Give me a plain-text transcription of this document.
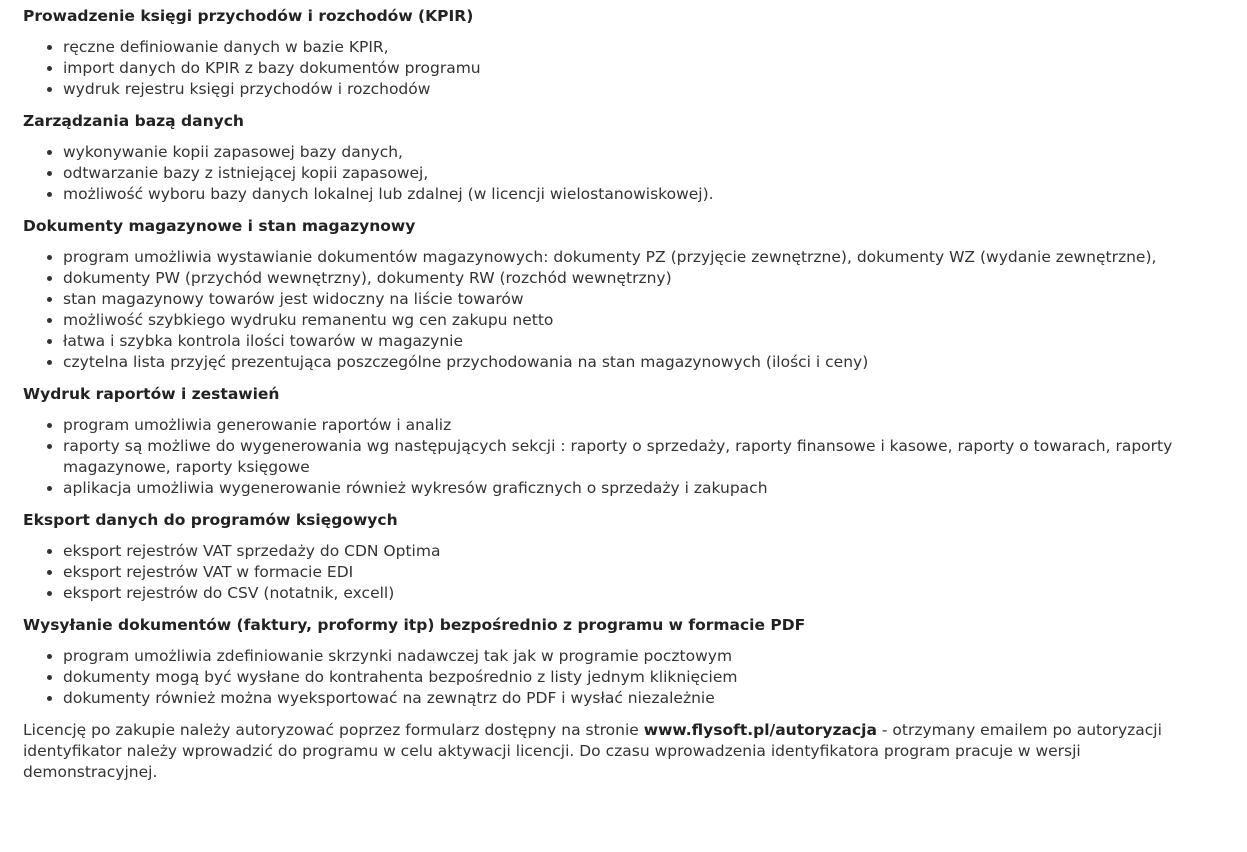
Prowadzenie księgi przychodów i rozchodów (KPIR)
• ręczne definiowanie danych w bazie KPIR,
• import danych do KPIR z bazy dokumentów programu
• wydruk rejestru księgi przychodów i rozchodów
Zarządzania bazą danych
• wykonywanie kopii zapasowej bazy danych,
• odtwarzanie bazy z istniejącej kopii zapasowej,
• możliwość wyboru bazy danych lokalnej lub zdalnej (w licencji wielostanowiskowej).
Dokumenty magazynowe i stan magazynowy
• program umożliwia wystawianie dokumentów magazynowych: dokumenty PZ (przyjęcie zewnętrzne), dokumenty WZ (wydanie zewnętrzne),
• dokumenty PW (przychód wewnętrzny), dokumenty RW (rozchód wewnętrzny)
• stan magazynowy towarów jest widoczny na liście towarów
• możliwość szybkiego wydruku remanentu wg cen zakupu netto
• łatwa i szybka kontrola ilości towarów w magazynie
• czytelna lista przyjęć prezentująca poszczególne przychodowania na stan magazynowych (ilości i ceny)
Wydruk raportów i zestawień
• program umożliwia generowanie raportów i analiz
• raporty są możliwe do wygenerowania wg następujących sekcji : raporty o sprzedaży, raporty finansowe i kasowe, raporty o towarach, raporty magazynowe, raporty księgowe
• aplikacja umożliwia wygenerowanie również wykresów graficznych o sprzedaży i zakupach
Eksport danych do programów księgowych
• eksport rejestrów VAT sprzedaży do CDN Optima
• eksport rejestrów VAT w formacie EDI
• eksport rejestrów do CSV (notatnik, excell)
Wysyłanie dokumentów (faktury, proformy itp) bezpośrednio z programu w formacie PDF
• program umożliwia zdefiniowanie skrzynki nadawczej tak jak w programie pocztowym
• dokumenty mogą być wysłane do kontrahenta bezpośrednio z listy jednym kliknięciem
• dokumenty również można wyeksportować na zewnątrz do PDF i wysłać niezależnie

Licencję po zakupie należy autoryzować poprzez formularz dostępny na stronie www.flysoft.pl/autoryzacja - otrzymany emailem po autoryzacji identyfikator należy wprowadzić do programu w celu aktywacji licencji. Do czasu wprowadzenia identyfikatora program pracuje w wersji demonstracyjnej.
